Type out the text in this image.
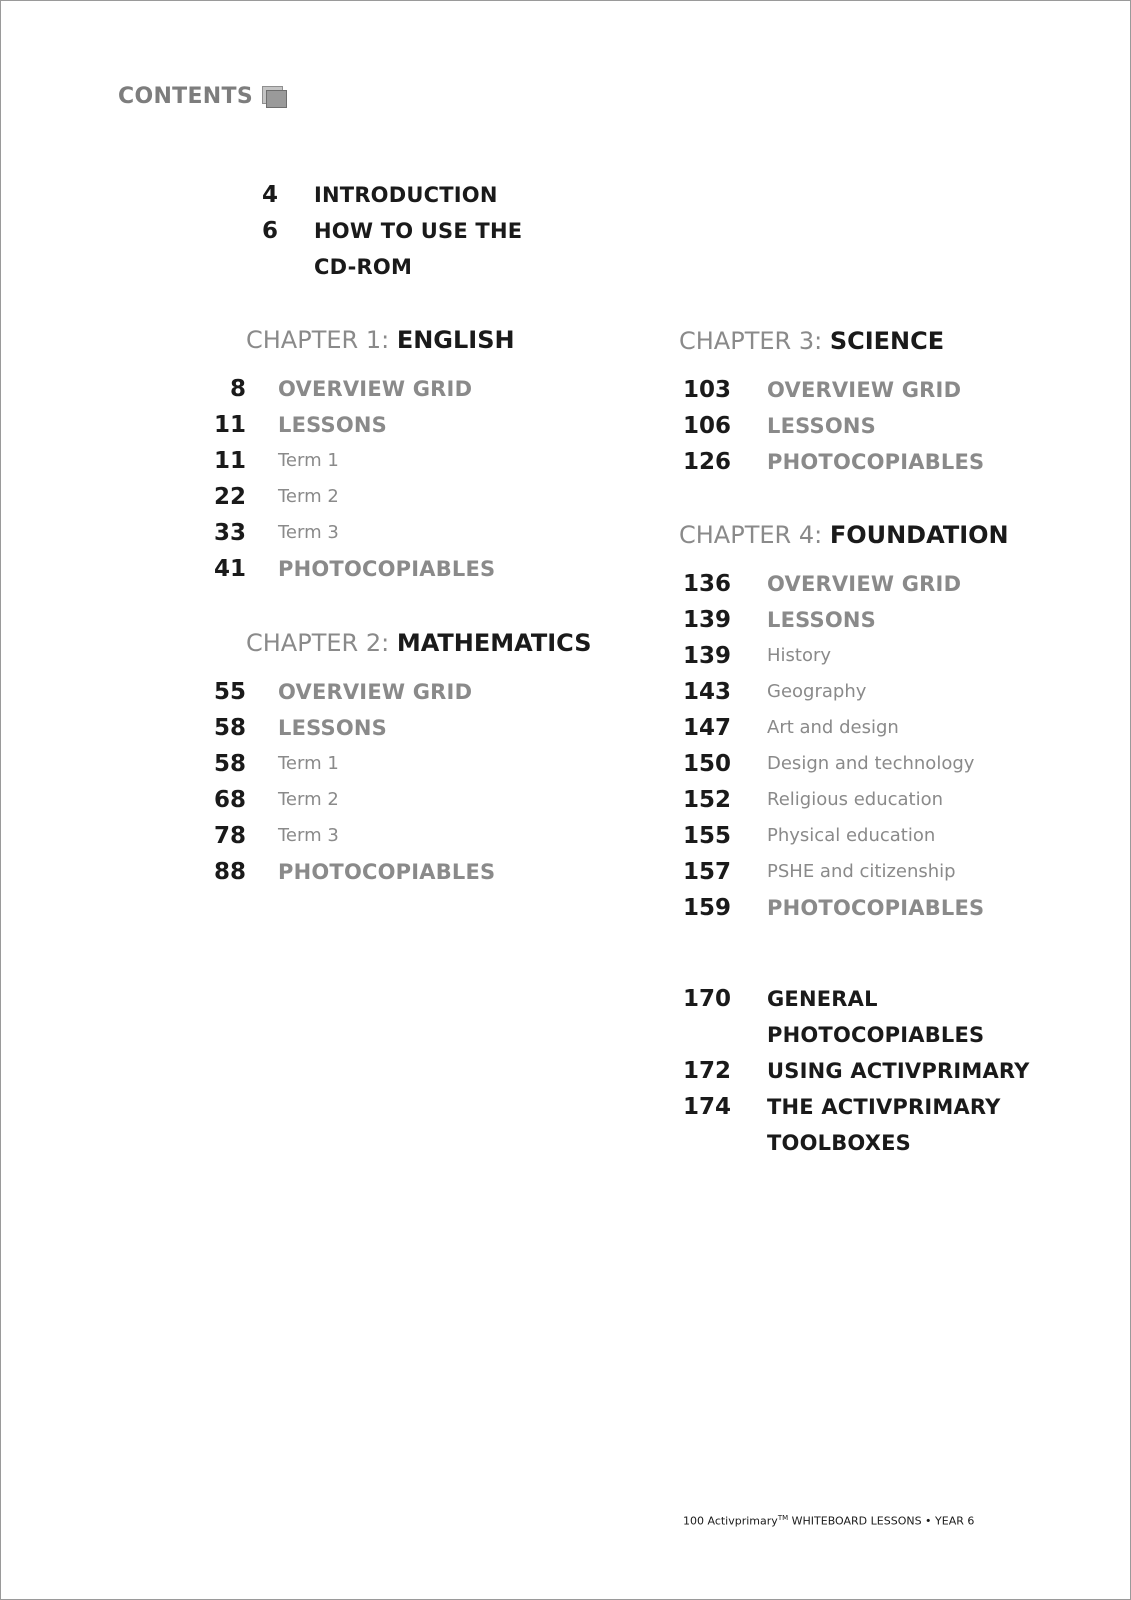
CONTENTS
4 INTRODUCTION
6 HOW TO USE THE
CD-ROM
CHAPTER 1: ENGLISH
8 OVERVIEW GRID
11 LESSONS
11 Term 1
22 Term 2
33 Term 3
41 PHOTOCOPIABLES
CHAPTER 2: MATHEMATICS
55 OVERVIEW GRID
58 LESSONS
58 Term 1
68 Term 2
78 Term 3
88 PHOTOCOPIABLES
CHAPTER 3: SCIENCE
103 OVERVIEW GRID
106 LESSONS
126 PHOTOCOPIABLES
CHAPTER 4: FOUNDATION
136 OVERVIEW GRID
139 LESSONS
139 History
143 Geography
147 Art and design
150 Design and technology
152 Religious education
155 Physical education
157 PSHE and citizenship
159 PHOTOCOPIABLES
170 GENERAL
PHOTOCOPIABLES
172 USING ACTIVPRIMARY
174 THE ACTIVPRIMARY
TOOLBOXES
100 Activprimary™ WHITEBOARD LESSONS • YEAR 6
